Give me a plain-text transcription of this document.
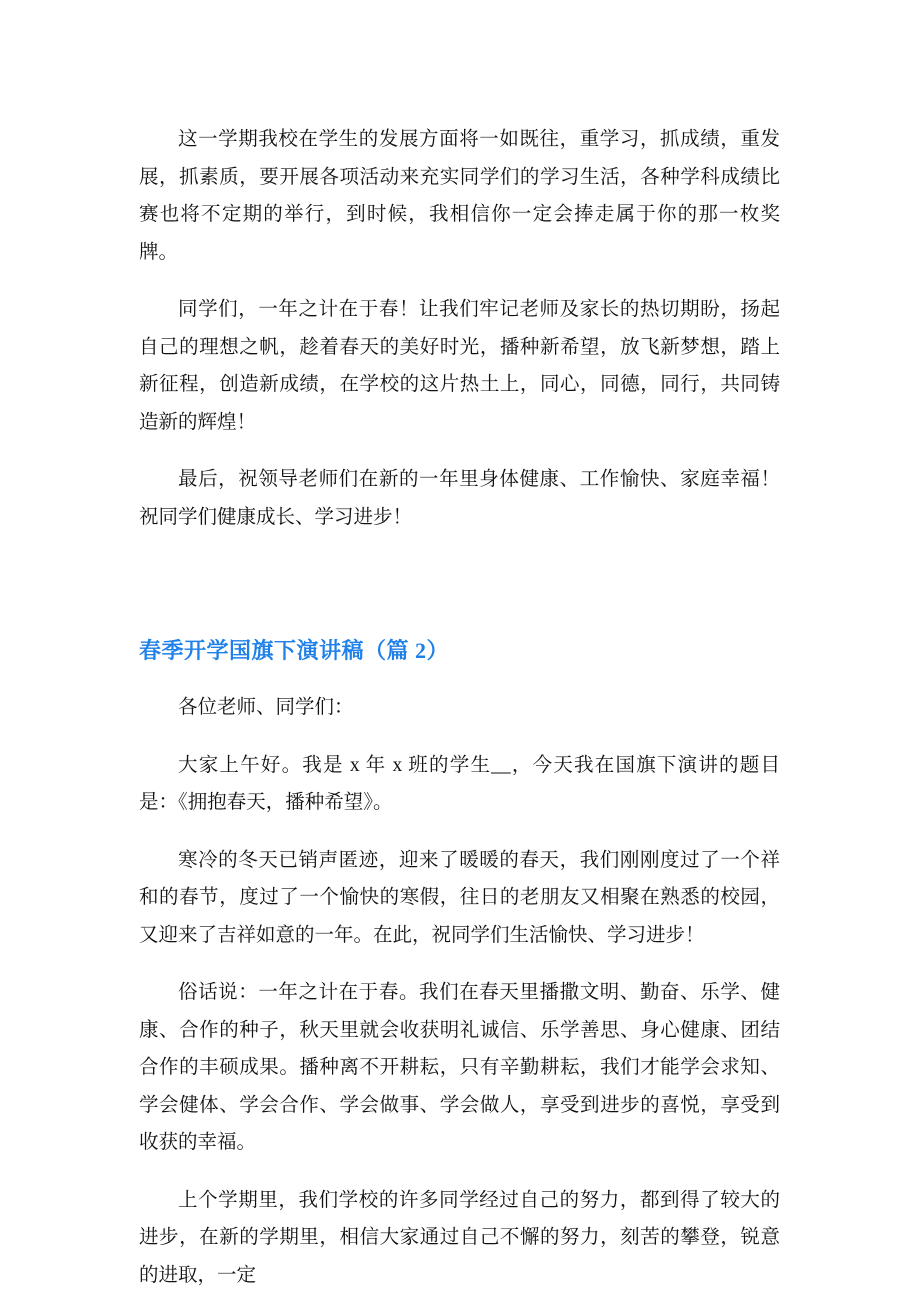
这一学期我校在学生的发展方面将一如既往，重学习，抓成绩，重发展，抓素质，要开展各项活动来充实同学们的学习生活，各种学科成绩比赛也将不定期的举行，到时候，我相信你一定会捧走属于你的那一枚奖牌。

同学们，一年之计在于春！让我们牢记老师及家长的热切期盼，扬起自己的理想之帆，趁着春天的美好时光，播种新希望，放飞新梦想，踏上新征程，创造新成绩，在学校的这片热土上，同心，同德，同行，共同铸造新的辉煌！

最后，祝领导老师们在新的一年里身体健康、工作愉快、家庭幸福！祝同学们健康成长、学习进步！

春季开学国旗下演讲稿（篇 2）

各位老师、同学们：

大家上午好。我是 x 年 x 班的学生__，今天我在国旗下演讲的题目是：《拥抱春天，播种希望》。

寒冷的冬天已销声匿迹，迎来了暖暖的春天，我们刚刚度过了一个祥和的春节，度过了一个愉快的寒假，往日的老朋友又相聚在熟悉的校园，又迎来了吉祥如意的一年。在此，祝同学们生活愉快、学习进步！

俗话说：一年之计在于春。我们在春天里播撒文明、勤奋、乐学、健康、合作的种子，秋天里就会收获明礼诚信、乐学善思、身心健康、团结合作的丰硕成果。播种离不开耕耘，只有辛勤耕耘，我们才能学会求知、学会健体、学会合作、学会做事、学会做人，享受到进步的喜悦，享受到收获的幸福。

上个学期里，我们学校的许多同学经过自己的努力，都到得了较大的进步，在新的学期里，相信大家通过自己不懈的努力，刻苦的攀登，锐意的进取，一定
